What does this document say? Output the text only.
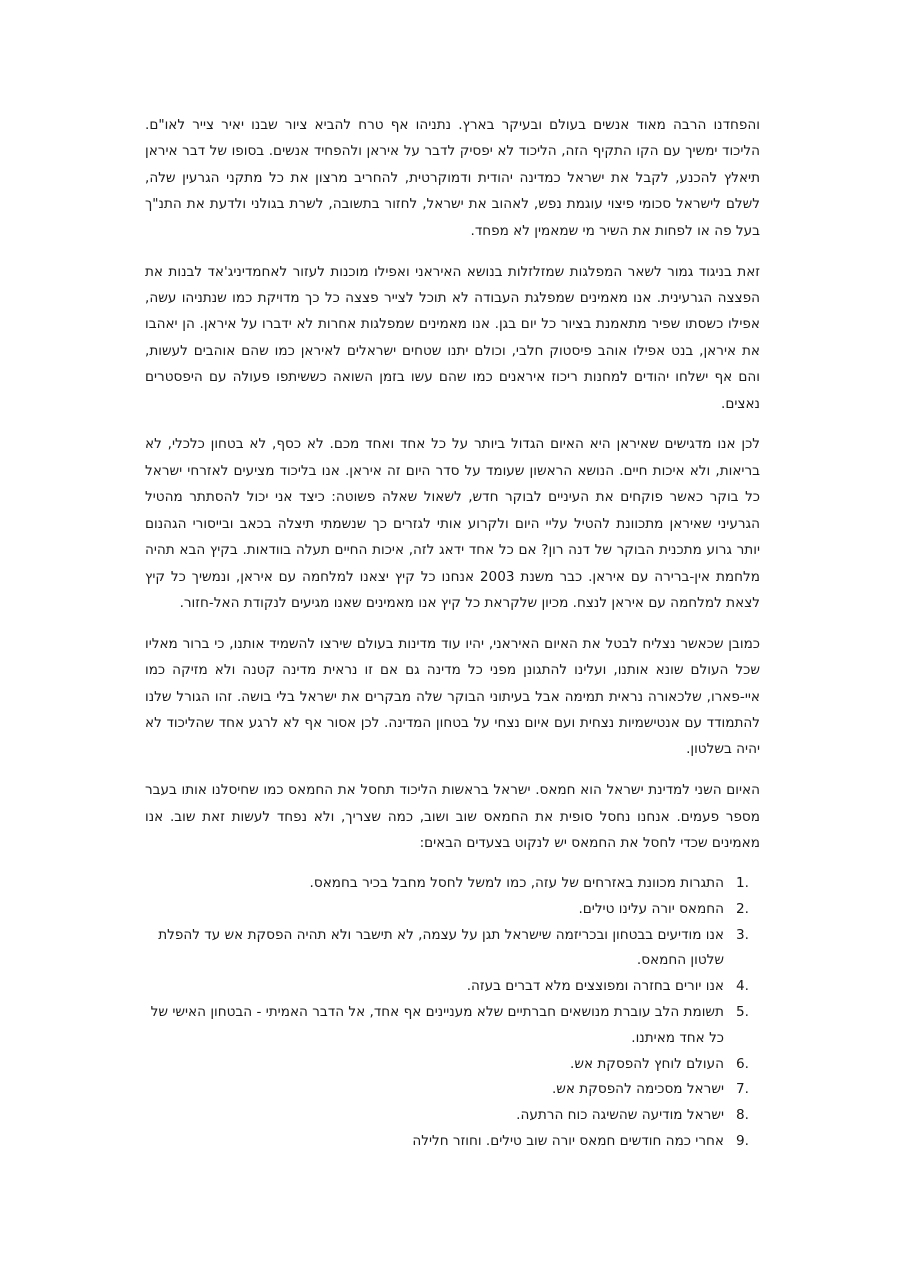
והפחדנו הרבה מאוד אנשים בעולם ובעיקר בארץ. נתניהו אף טרח להביא ציור שבנו יאיר צייר לאו"ם. הליכוד ימשיך עם הקו התקיף הזה, הליכוד לא יפסיק לדבר על איראן ולהפחיד אנשים. בסופו של דבר איראן תיאלץ להכנע, לקבל את ישראל כמדינה יהודית ודמוקרטית, להחריב מרצון את כל מתקני הגרעין שלה, לשלם לישראל סכומי פיצוי עוגמת נפש, לאהוב את ישראל, לחזור בתשובה, לשרת בגולני ולדעת את התנ"ך בעל פה או לפחות את השיר מי שמאמין לא מפחד.

זאת בניגוד גמור לשאר המפלגות שמזלזלות בנושא האיראני ואפילו מוכנות לעזור לאחמדיניג'אד לבנות את הפצצה הגרעינית. אנו מאמינים שמפלגת העבודה לא תוכל לצייר פצצה כל כך מדויקת כמו שנתניהו עשה, אפילו כשסתו שפיר מתאמנת בציור כל יום בגן. אנו מאמינים שמפלגות אחרות לא ידברו על איראן. הן יאהבו את איראן, בנט אפילו אוהב פיסטוק חלבי, וכולם יתנו שטחים ישראלים לאיראן כמו שהם אוהבים לעשות, והם אף ישלחו יהודים למחנות ריכוז איראנים כמו שהם עשו בזמן השואה כששיתפו פעולה עם היפסטרים נאצים.

לכן אנו מדגישים שאיראן היא האיום הגדול ביותר על כל אחד ואחד מכם. לא כסף, לא בטחון כלכלי, לא בריאות, ולא איכות חיים. הנושא הראשון שעומד על סדר היום זה איראן. אנו בליכוד מציעים לאזרחי ישראל כל בוקר כאשר פוקחים את העיניים לבוקר חדש, לשאול שאלה פשוטה: כיצד אני יכול להסתתר מהטיל הגרעיני שאיראן מתכוונת להטיל עליי היום ולקרוע אותי לגזרים כך שנשמתי תיצלה בכאב ובייסורי הגהנום יותר גרוע מתכנית הבוקר של דנה רון? אם כל אחד ידאג לזה, איכות החיים תעלה בוודאות. בקיץ הבא תהיה מלחמת אין-ברירה עם איראן. כבר משנת 2003 אנחנו כל קיץ יצאנו למלחמה עם איראן, ונמשיך כל קיץ לצאת למלחמה עם איראן לנצח. מכיון שלקראת כל קיץ אנו מאמינים שאנו מגיעים לנקודת האל-חזור.

כמובן שכאשר נצליח לבטל את האיום האיראני, יהיו עוד מדינות בעולם שירצו להשמיד אותנו, כי ברור מאליו שכל העולם שונא אותנו, ועלינו להתגונן מפני כל מדינה גם אם זו נראית מדינה קטנה ולא מזיקה כמו איי-פארו, שלכאורה נראית תמימה אבל בעיתוני הבוקר שלה מבקרים את ישראל בלי בושה. זהו הגורל שלנו להתמודד עם אנטישמיות נצחית ועם איום נצחי על בטחון המדינה. לכן אסור אף לא לרגע אחד שהליכוד לא יהיה בשלטון.

האיום השני למדינת ישראל הוא חמאס. ישראל בראשות הליכוד תחסל את החמאס כמו שחיסלנו אותו בעבר מספר פעמים. אנחנו נחסל סופית את החמאס שוב ושוב, כמה שצריך, ולא נפחד לעשות זאת שוב. אנו מאמינים שכדי לחסל את החמאס יש לנקוט בצעדים הבאים:

1.
התגרות מכוונת באזרחים של עזה, כמו למשל לחסל מחבל בכיר בחמאס.
2.
החמאס יורה עלינו טילים.
3.
אנו מודיעים בבטחון ובכריזמה שישראל תגן על עצמה, לא תישבר ולא תהיה הפסקת אש עד להפלת שלטון החמאס.
4.
אנו יורים בחזרה ומפוצצים מלא דברים בעזה.
5.
תשומת הלב עוברת מנושאים חברתיים שלא מעניינים אף אחד, אל הדבר האמיתי - הבטחון האישי של כל אחד מאיתנו.
6.
העולם לוחץ להפסקת אש.
7.
ישראל מסכימה להפסקת אש.
8.
ישראל מודיעה שהשיגה כוח הרתעה.
9.
אחרי כמה חודשים חמאס יורה שוב טילים. וחוזר חלילה
